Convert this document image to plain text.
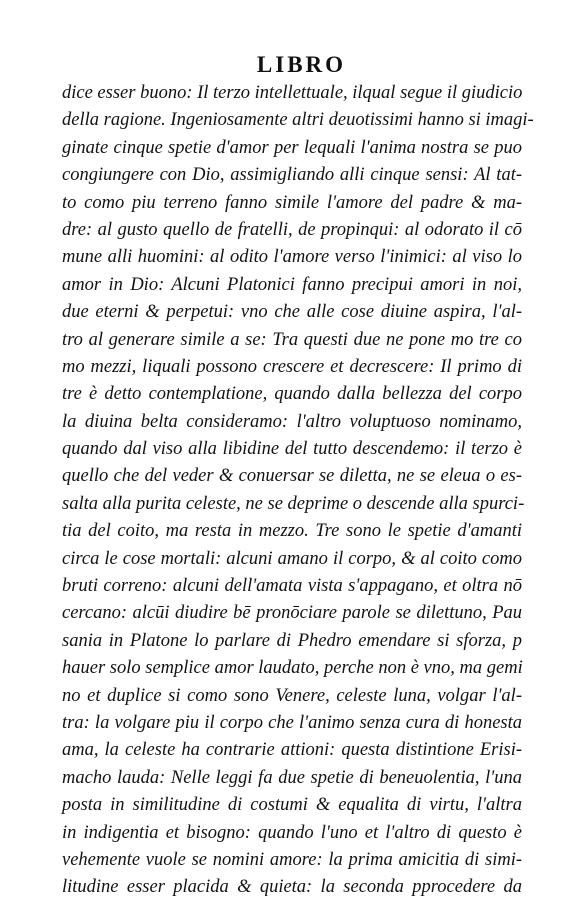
LIBRO
dice esser buono: Il terzo intellettuale, ilqual segue il giudicio
della ragione. Ingeniosamente altri deuotissimi hanno si imagi-
ginate cinque spetie d'amor per lequali l'anima nostra se puo
congiungere con Dio, assimigliando alli cinque sensi: Al tat-
to como piu terreno fanno simile l'amore del padre & ma-
dre: al gusto quello de fratelli, de propinqui: al odorato il cō
mune alli huomini: al odito l'amore verso l'inimici: al viso lo
amor in Dio: Alcuni Platonici fanno precipui amori in noi,
due eterni & perpetui: vno che alle cose diuine aspira, l'al-
tro al generare simile a se: Tra questi due ne pone mo tre co
mo mezzi, liquali possono crescere et decrescere: Il primo di
tre è detto contemplatione, quando dalla bellezza del corpo
la diuina belta consideramo: l'altro voluptuoso nominamo,
quando dal viso alla libidine del tutto descendemo: il terzo è
quello che del veder & conuersar se diletta, ne se eleua o es-
salta alla purita celeste, ne se deprime o descende alla spurci-
tia del coito, ma resta in mezzo. Tre sono le spetie d'amanti
circa le cose mortali: alcuni amano il corpo, & al coito como
bruti correno: alcuni dell'amata vista s'appagano, et oltra nō
cercano: alcūi diudire bē pronōciare parole se dilettuno, Pau
sania in Platone lo parlare di Phedro emendare si sforza, p
hauer solo semplice amor laudato, perche non è vno, ma gemi
no et duplice si como sono Venere, celeste luna, volgar l'al-
tra: la volgare piu il corpo che l'animo senza cura di honesta
ama, la celeste ha contrarie attioni: questa distintione Erisi-
macho lauda: Nelle leggi fa due spetie di beneuolentia, l'una
posta in similitudine di costumi & equalita di virtu, l'altra
in indigentia et bisogno: quando l'uno et l'altro di questo è
vehemente vuole se nomini amore: la prima amicitia di simi-
litudine esser placida & quieta: la seconda pprocedere da
